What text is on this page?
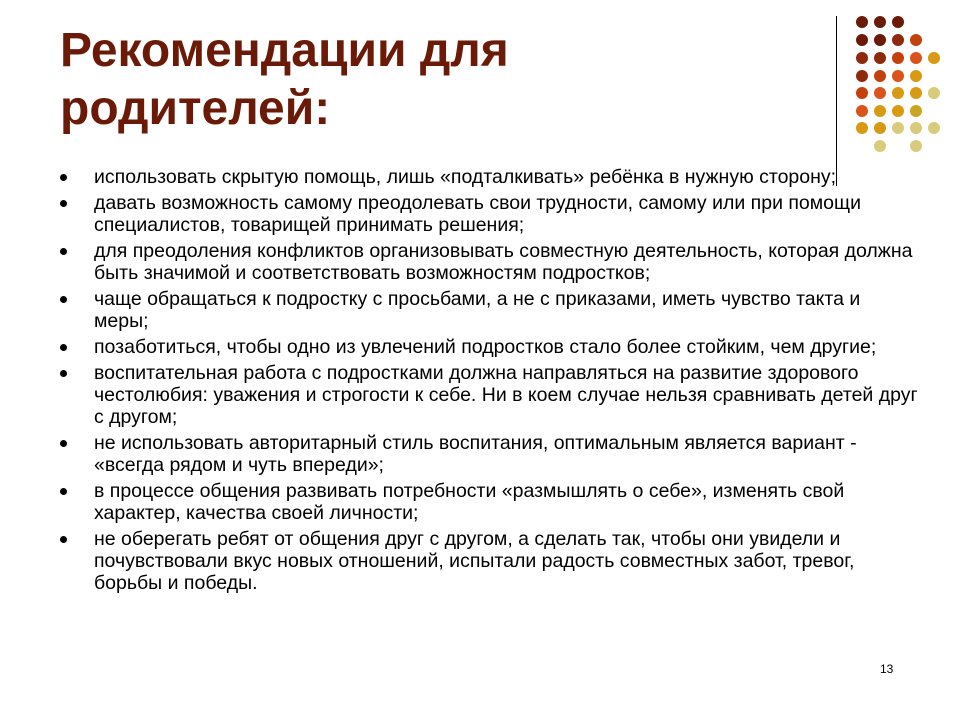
Рекомендации для
родителей:
использовать скрытую помощь, лишь «подталкивать» ребёнка в нужную сторону;
давать возможность самому преодолевать свои трудности, самому или при помощи специалистов, товарищей принимать решения;
для преодоления конфликтов организовывать совместную деятельность, которая должна быть значимой и соответствовать возможностям подростков;
чаще обращаться к подростку с просьбами, а не с приказами, иметь чувство такта и меры;
позаботиться, чтобы одно из увлечений подростков стало более стойким, чем другие;
воспитательная работа с подростками должна направляться на развитие здорового честолюбия: уважения и строгости к себе. Ни в коем случае нельзя сравнивать детей друг с другом;
не использовать авторитарный стиль воспитания, оптимальным является вариант - «всегда рядом и чуть впереди»;
в процессе общения развивать потребности «размышлять о себе», изменять свой характер, качества своей личности;
не оберегать ребят от общения друг с другом, а сделать так, чтобы они увидели и почувствовали вкус новых отношений, испытали радость совместных забот, тревог, борьбы и победы.
13
